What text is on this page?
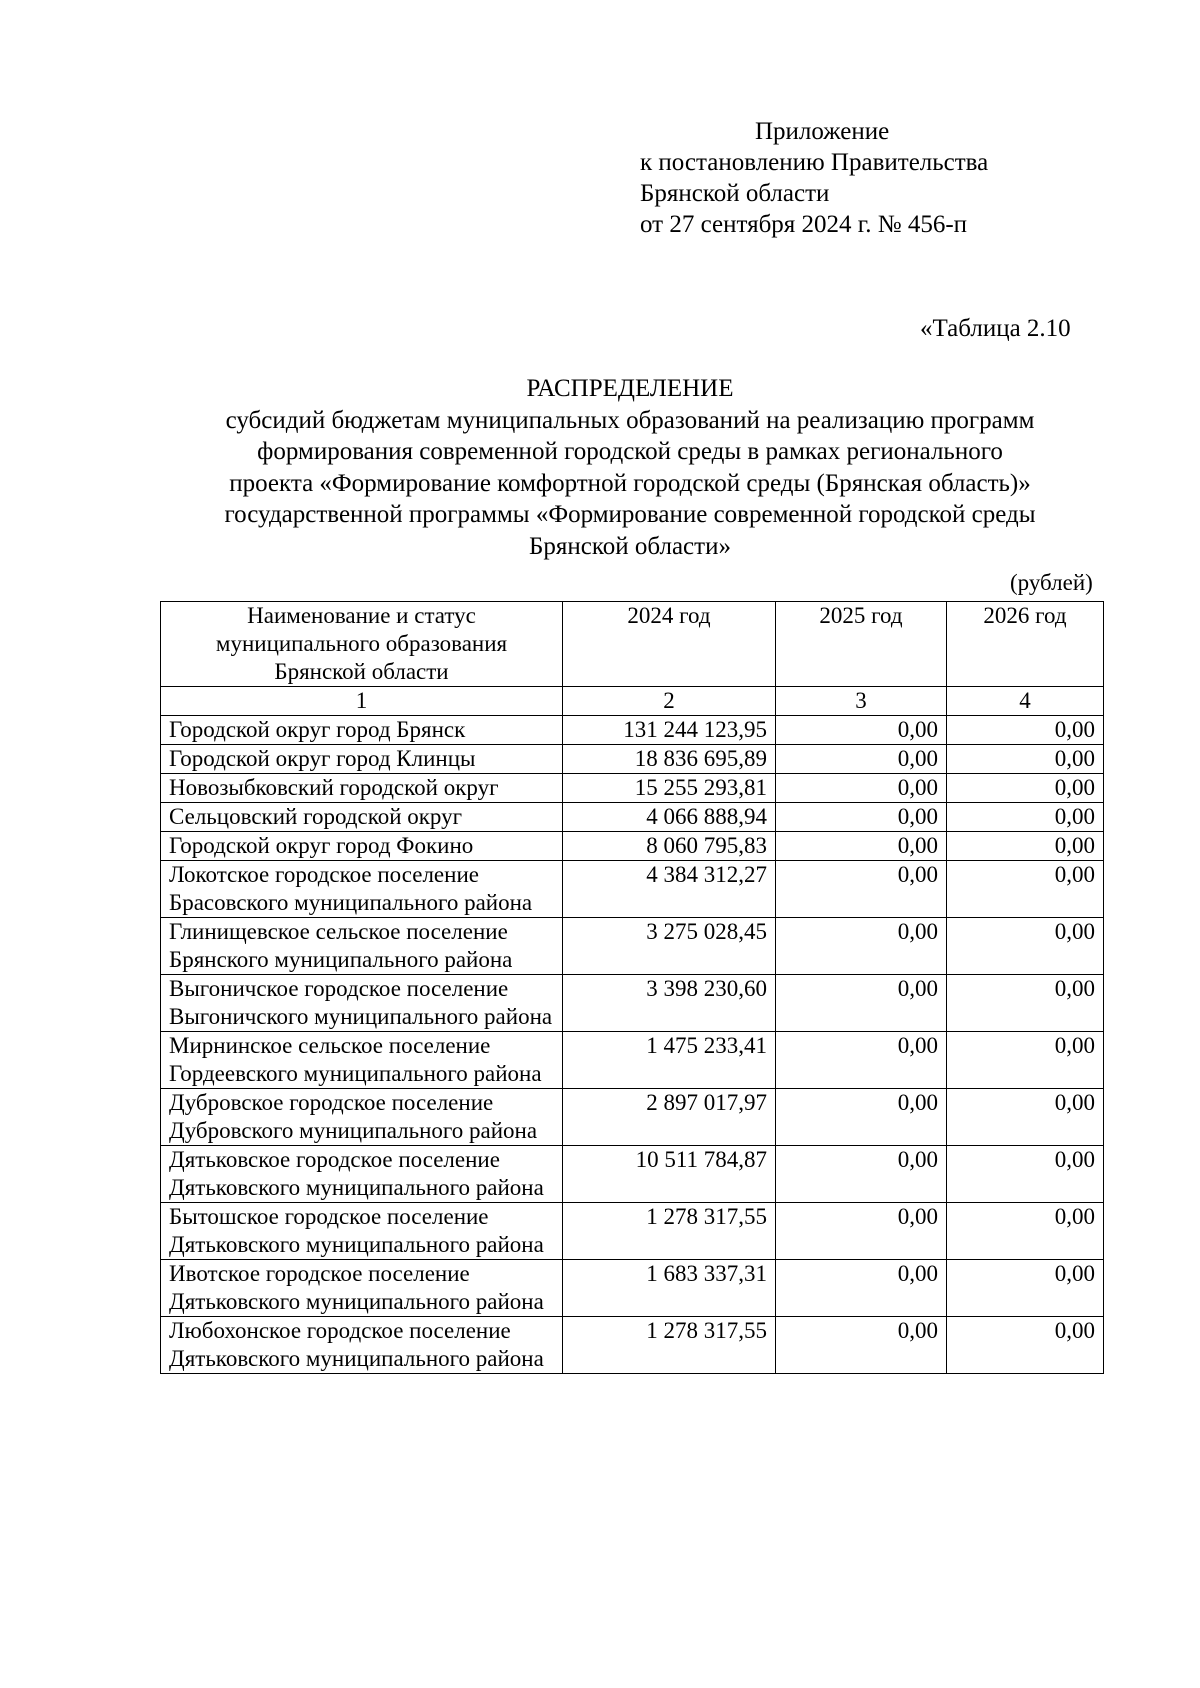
Приложение
к постановлению Правительства
Брянской области
от 27 сентября 2024 г. № 456-п
«Таблица 2.10
РАСПРЕДЕЛЕНИЕ
субсидий бюджетам муниципальных образований на реализацию программ
формирования современной городской среды в рамках регионального
проекта «Формирование комфортной городской среды (Брянская область)»
государственной программы «Формирование современной городской среды
Брянской области»
(рублей)
Наименование и статус муниципального образования Брянской области	2024 год	2025 год	2026 год
1	2	3	4
Городской округ город Брянск	131 244 123,95	0,00	0,00
Городской округ город Клинцы	18 836 695,89	0,00	0,00
Новозыбковский городской округ	15 255 293,81	0,00	0,00
Сельцовский городской округ	4 066 888,94	0,00	0,00
Городской округ город Фокино	8 060 795,83	0,00	0,00
Локотское городское поселение Брасовского муниципального района	4 384 312,27	0,00	0,00
Глинищевское сельское поселение Брянского муниципального района	3 275 028,45	0,00	0,00
Выгоничское городское поселение Выгоничского муниципального района	3 398 230,60	0,00	0,00
Мирнинское сельское поселение Гордеевского муниципального района	1 475 233,41	0,00	0,00
Дубровское городское поселение Дубровского муниципального района	2 897 017,97	0,00	0,00
Дятьковское городское поселение Дятьковского муниципального района	10 511 784,87	0,00	0,00
Бытошское городское поселение Дятьковского муниципального района	1 278 317,55	0,00	0,00
Ивотское городское поселение Дятьковского муниципального района	1 683 337,31	0,00	0,00
Любохонское городское поселение Дятьковского муниципального района	1 278 317,55	0,00	0,00
